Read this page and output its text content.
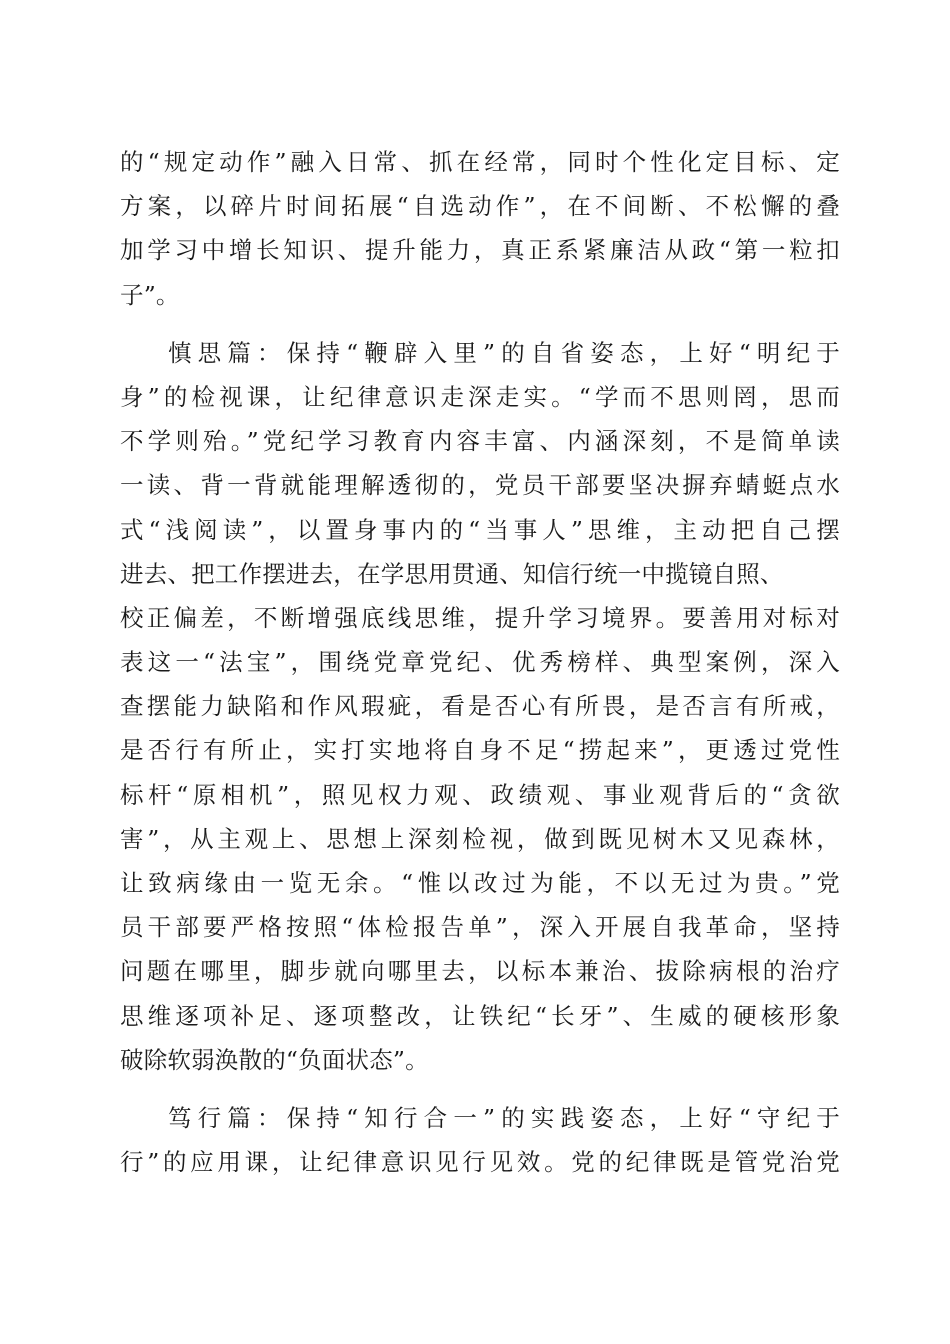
的“规定动作”融入日常、抓在经常，同时个性化定目标、定
方案，以碎片时间拓展“自选动作”，在不间断、不松懈的叠
加学习中增长知识、提升能力，真正系紧廉洁从政“第一粒扣
子”。
慎思篇：保持“鞭辟入里”的自省姿态，上好“明纪于
身”的检视课，让纪律意识走深走实。“学而不思则罔，思而
不学则殆。”党纪学习教育内容丰富、内涵深刻，不是简单读
一读、背一背就能理解透彻的，党员干部要坚决摒弃蜻蜓点水
式“浅阅读”，以置身事内的“当事人”思维，主动把自己摆
进去、把工作摆进去，在学思用贯通、知信行统一中揽镜自照、
校正偏差，不断增强底线思维，提升学习境界。要善用对标对
表这一“法宝”，围绕党章党纪、优秀榜样、典型案例，深入
查摆能力缺陷和作风瑕疵，看是否心有所畏，是否言有所戒，
是否行有所止，实打实地将自身不足“捞起来”，更透过党性
标杆“原相机”，照见权力观、政绩观、事业观背后的“贪欲
害”，从主观上、思想上深刻检视，做到既见树木又见森林，
让致病缘由一览无余。“惟以改过为能，不以无过为贵。”党
员干部要严格按照“体检报告单”，深入开展自我革命，坚持
问题在哪里，脚步就向哪里去，以标本兼治、拔除病根的治疗
思维逐项补足、逐项整改，让铁纪“长牙”、生威的硬核形象
破除软弱涣散的“负面状态”。
笃行篇：保持“知行合一”的实践姿态，上好“守纪于
行”的应用课，让纪律意识见行见效。党的纪律既是管党治党
